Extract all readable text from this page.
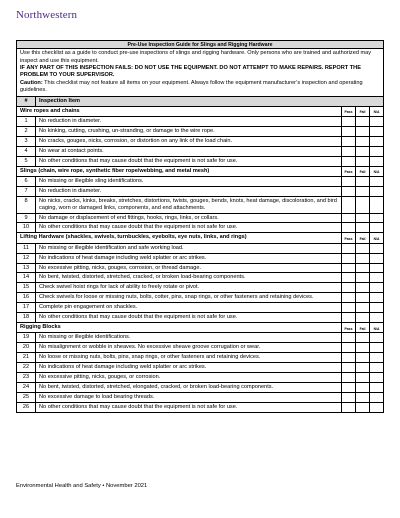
Northwestern
Pre-Use Inspection Guide for Slings and Rigging Hardware
Use this checklist as a guide to conduct pre-use inspections of slings and rigging hardware. Only persons who are trained and authorized may inspect and use this equipment.
IF ANY PART OF THIS INSPECTION FAILS: DO NOT USE THE EQUIPMENT. DO NOT ATTEMPT TO MAKE REPAIRS. REPORT THE PROBLEM TO YOUR SUPERVISOR.
Caution: This checklist may not feature all items on your equipment. Always follow the equipment manufacturer’s inspection and operating guidelines.
#	Inspection Item
Wire ropes and chains	Pass	Fail	N/A
1	No reduction in diameter.
2	No kinking, cutting, crushing, un-stranding, or damage to the wire rope.
3	No cracks, gouges, nicks, corrosion, or distortion on any link of the load chain.
4	No wear at contact points.
5	No other conditions that may cause doubt that the equipment is not safe for use.
Slings (chain, wire rope, synthetic fiber rope/webbing, and metal mesh)	Pass	Fail	N/A
6	No missing or illegible sling identifications.
7	No reduction in diameter.
8	No nicks, cracks, kinks, breaks, stretches, distortions, twists, gouges, bends, knots, heat damage, discoloration, and bird caging, worn or damaged links, components, and end attachments.
9	No damage or displacement of end fittings, hooks, rings, links, or collars.
10	No other conditions that may cause doubt that the equipment is not safe for use.
Lifting Hardware (shackles, swivels, turnbuckles, eyebolts, eye nuts, links, and rings)	Pass	Fail	N/A
11	No missing or illegible identification and safe working load.
12	No indications of heat damage including weld splatter or arc strikes.
13	No excessive pitting, nicks, gouges, corrosion, or thread damage.
14	No bent, twisted, distorted, stretched, cracked, or broken load-bearing components.
15	Check swivel hoist rings for lack of ability to freely rotate or pivot.
16	Check swivels for loose or missing nuts, bolts, cotter, pins, snap rings, or other fasteners and retaining devices.
17	Complete pin engagement on shackles.
18	No other conditions that may cause doubt that the equipment is not safe for use.
Rigging Blocks	Pass	Fail	N/A
19	No missing or illegible identifications.
20	No misalignment or wobble in sheaves. No excessive sheave groove corrugation or wear.
21	No loose or missing nuts, bolts, pins, snap rings, or other fasteners and retaining devices.
22	No indications of heat damage including weld splatter or arc strikes.
23	No excessive pitting, nicks, gouges, or corrosion.
24	No bent, twisted, distorted, stretched, elongated, cracked, or broken load-bearing components.
25	No excessive damage to load bearing threads.
26	No other conditions that may cause doubt that the equipment is not safe for use.
Environmental Health and Safety • November 2021
